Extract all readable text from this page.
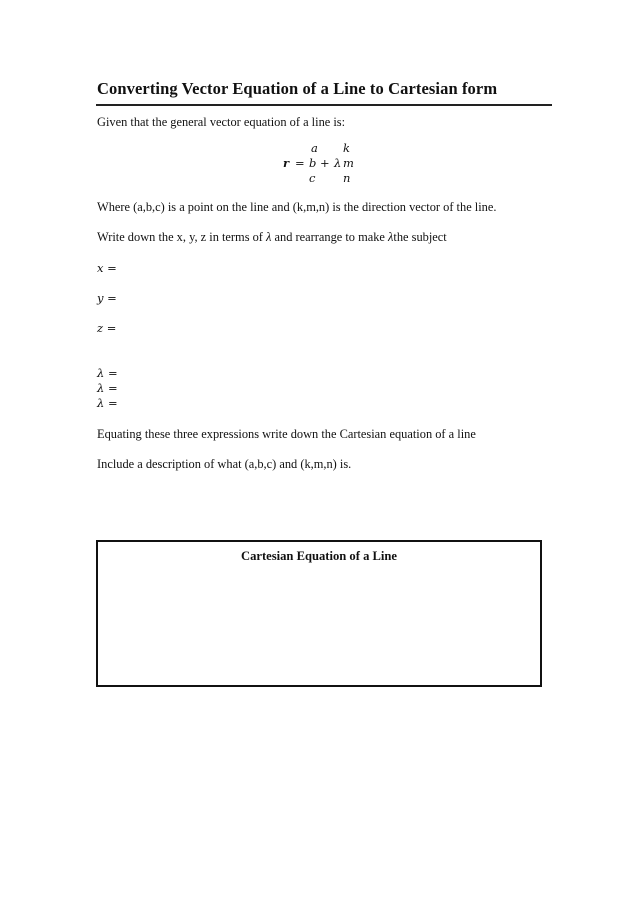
Converting Vector Equation of a Line to Cartesian form
Given that the general vector equation of a line is:
a k
r = b + λ m
c n
Where (a,b,c) is a point on the line and (k,m,n) is the direction vector of the line.
Write down the x, y, z in terms of λ and rearrange to make λthe subject
x =
y =
z =
λ =
λ =
λ =
Equating these three expressions write down the Cartesian equation of a line
Include a description of what (a,b,c) and (k,m,n) is.
Cartesian Equation of a Line
